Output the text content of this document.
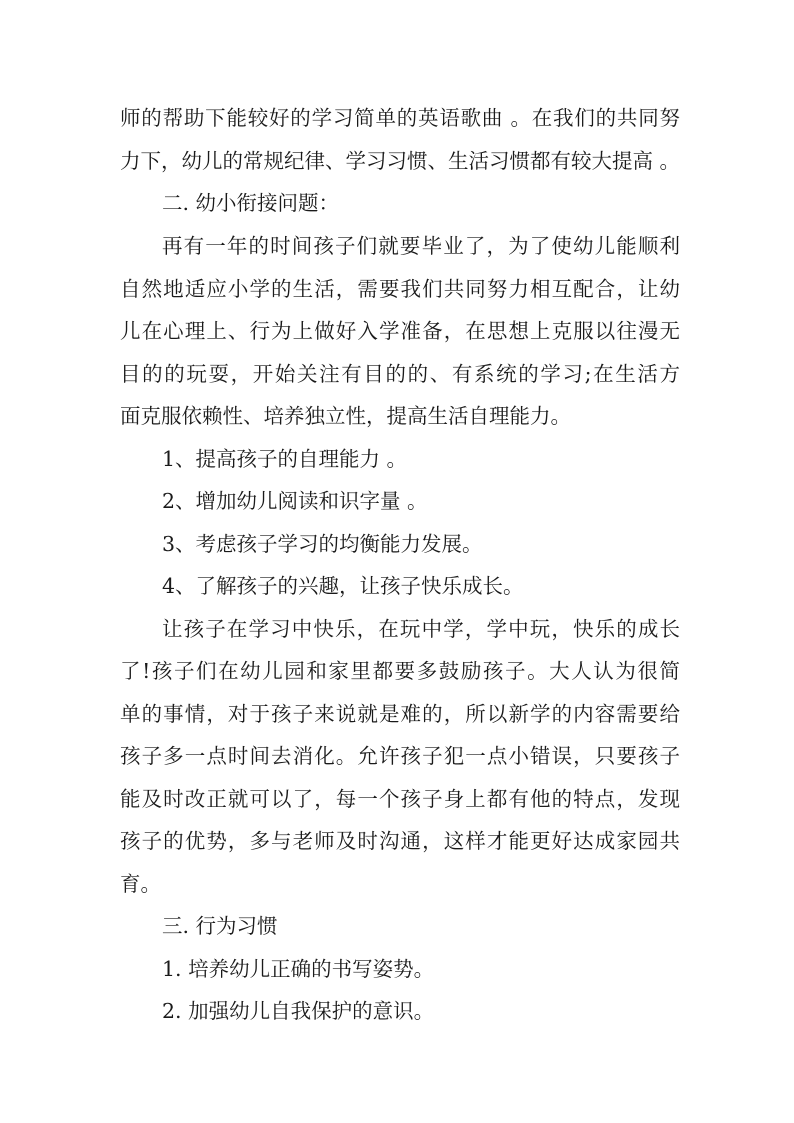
师的帮助下能较好的学习简单的英语歌曲 。在我们的共同努
力下，幼儿的常规纪律、学习习惯、生活习惯都有较大提高 。
二. 幼小衔接问题：
再有一年的时间孩子们就要毕业了，为了使幼儿能顺利
自然地适应小学的生活，需要我们共同努力相互配合，让幼
儿在心理上、行为上做好入学准备，在思想上克服以往漫无
目的的玩耍，开始关注有目的的、有系统的学习;在生活方
面克服依赖性、培养独立性，提高生活自理能力。
1、提高孩子的自理能力 。
2、增加幼儿阅读和识字量 。
3、考虑孩子学习的均衡能力发展。
4、了解孩子的兴趣，让孩子快乐成长。
让孩子在学习中快乐，在玩中学，学中玩，快乐的成长
了!孩子们在幼儿园和家里都要多鼓励孩子。大人认为很简
单的事情，对于孩子来说就是难的，所以新学的内容需要给
孩子多一点时间去消化。允许孩子犯一点小错误，只要孩子
能及时改正就可以了，每一个孩子身上都有他的特点，发现
孩子的优势，多与老师及时沟通，这样才能更好达成家园共
育。
三. 行为习惯
1. 培养幼儿正确的书写姿势。
2. 加强幼儿自我保护的意识。
